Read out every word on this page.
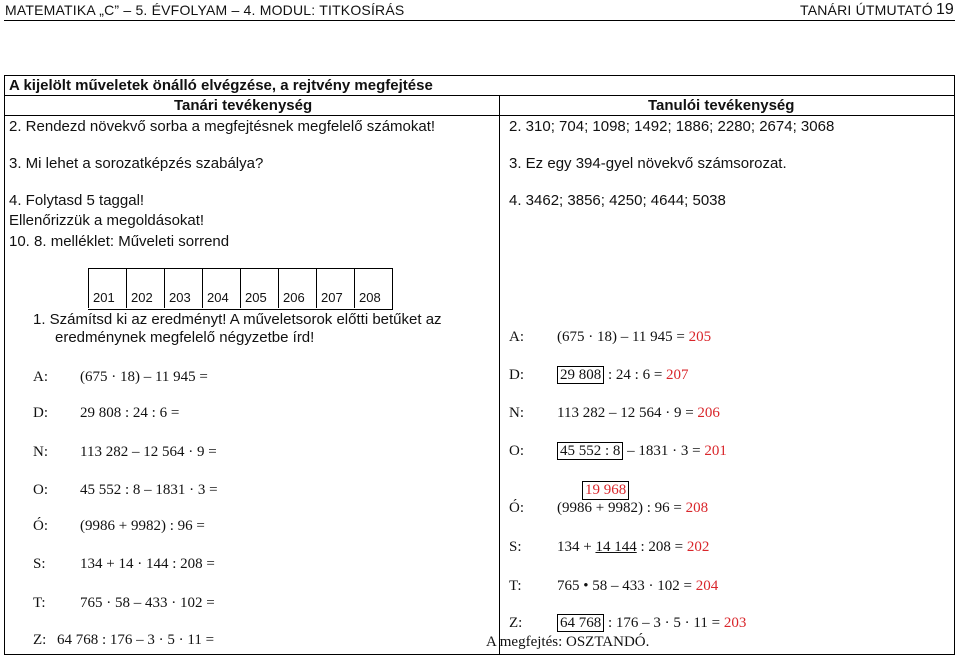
MATEMATIKA „C” – 5. ÉVFOLYAM – 4. MODUL: TITKOSÍRÁS	TANÁRI ÚTMUTATÓ 19
A kijelölt műveletek önálló elvégzése, a rejtvény megfejtése
Tanári tevékenység	Tanulói tevékenység
2. Rendezd növekvő sorba a megfejtésnek megfelelő számokat!
3. Mi lehet a sorozatképzés szabálya?
4. Folytasd 5 taggal!
Ellenőrizzük a megoldásokat!
10. 8. melléklet: Műveleti sorrend
2. 310; 704; 1098; 1492; 1886; 2280; 2674; 3068
3. Ez egy 394-gyel növekvő számsorozat.
4. 3462; 3856; 4250; 4644; 5038
201 202 203 204 205 206 207 208
1. Számítsd ki az eredményt! A műveletsorok előtti betűket az
eredménynek megfelelő négyzetbe írd!
A: (675 · 18) – 11 945 =
D: 29 808 : 24 : 6 =
N: 113 282 – 12 564 · 9 =
O: 45 552 : 8 – 1831 · 3 =
Ó: (9986 + 9982) : 96 =
S: 134 + 14 · 144 : 208 =
T: 765 · 58 – 433 · 102 =
Z: 64 768 : 176 – 3 · 5 · 11 =
A: (675 · 18) – 11 945 = 205
D: 29 808 : 24 : 6 = 207
N: 113 282 – 12 564 · 9 = 206
O: 45 552 : 8 – 1831 · 3 = 201
19 968
Ó: (9986 + 9982) : 96 = 208
S: 134 + 14 144 : 208 = 202
T: 765 • 58 – 433 · 102 = 204
Z:	64 768 : 176 – 3 · 5 · 11 = 203
A megfejtés: OSZTANDÓ.
